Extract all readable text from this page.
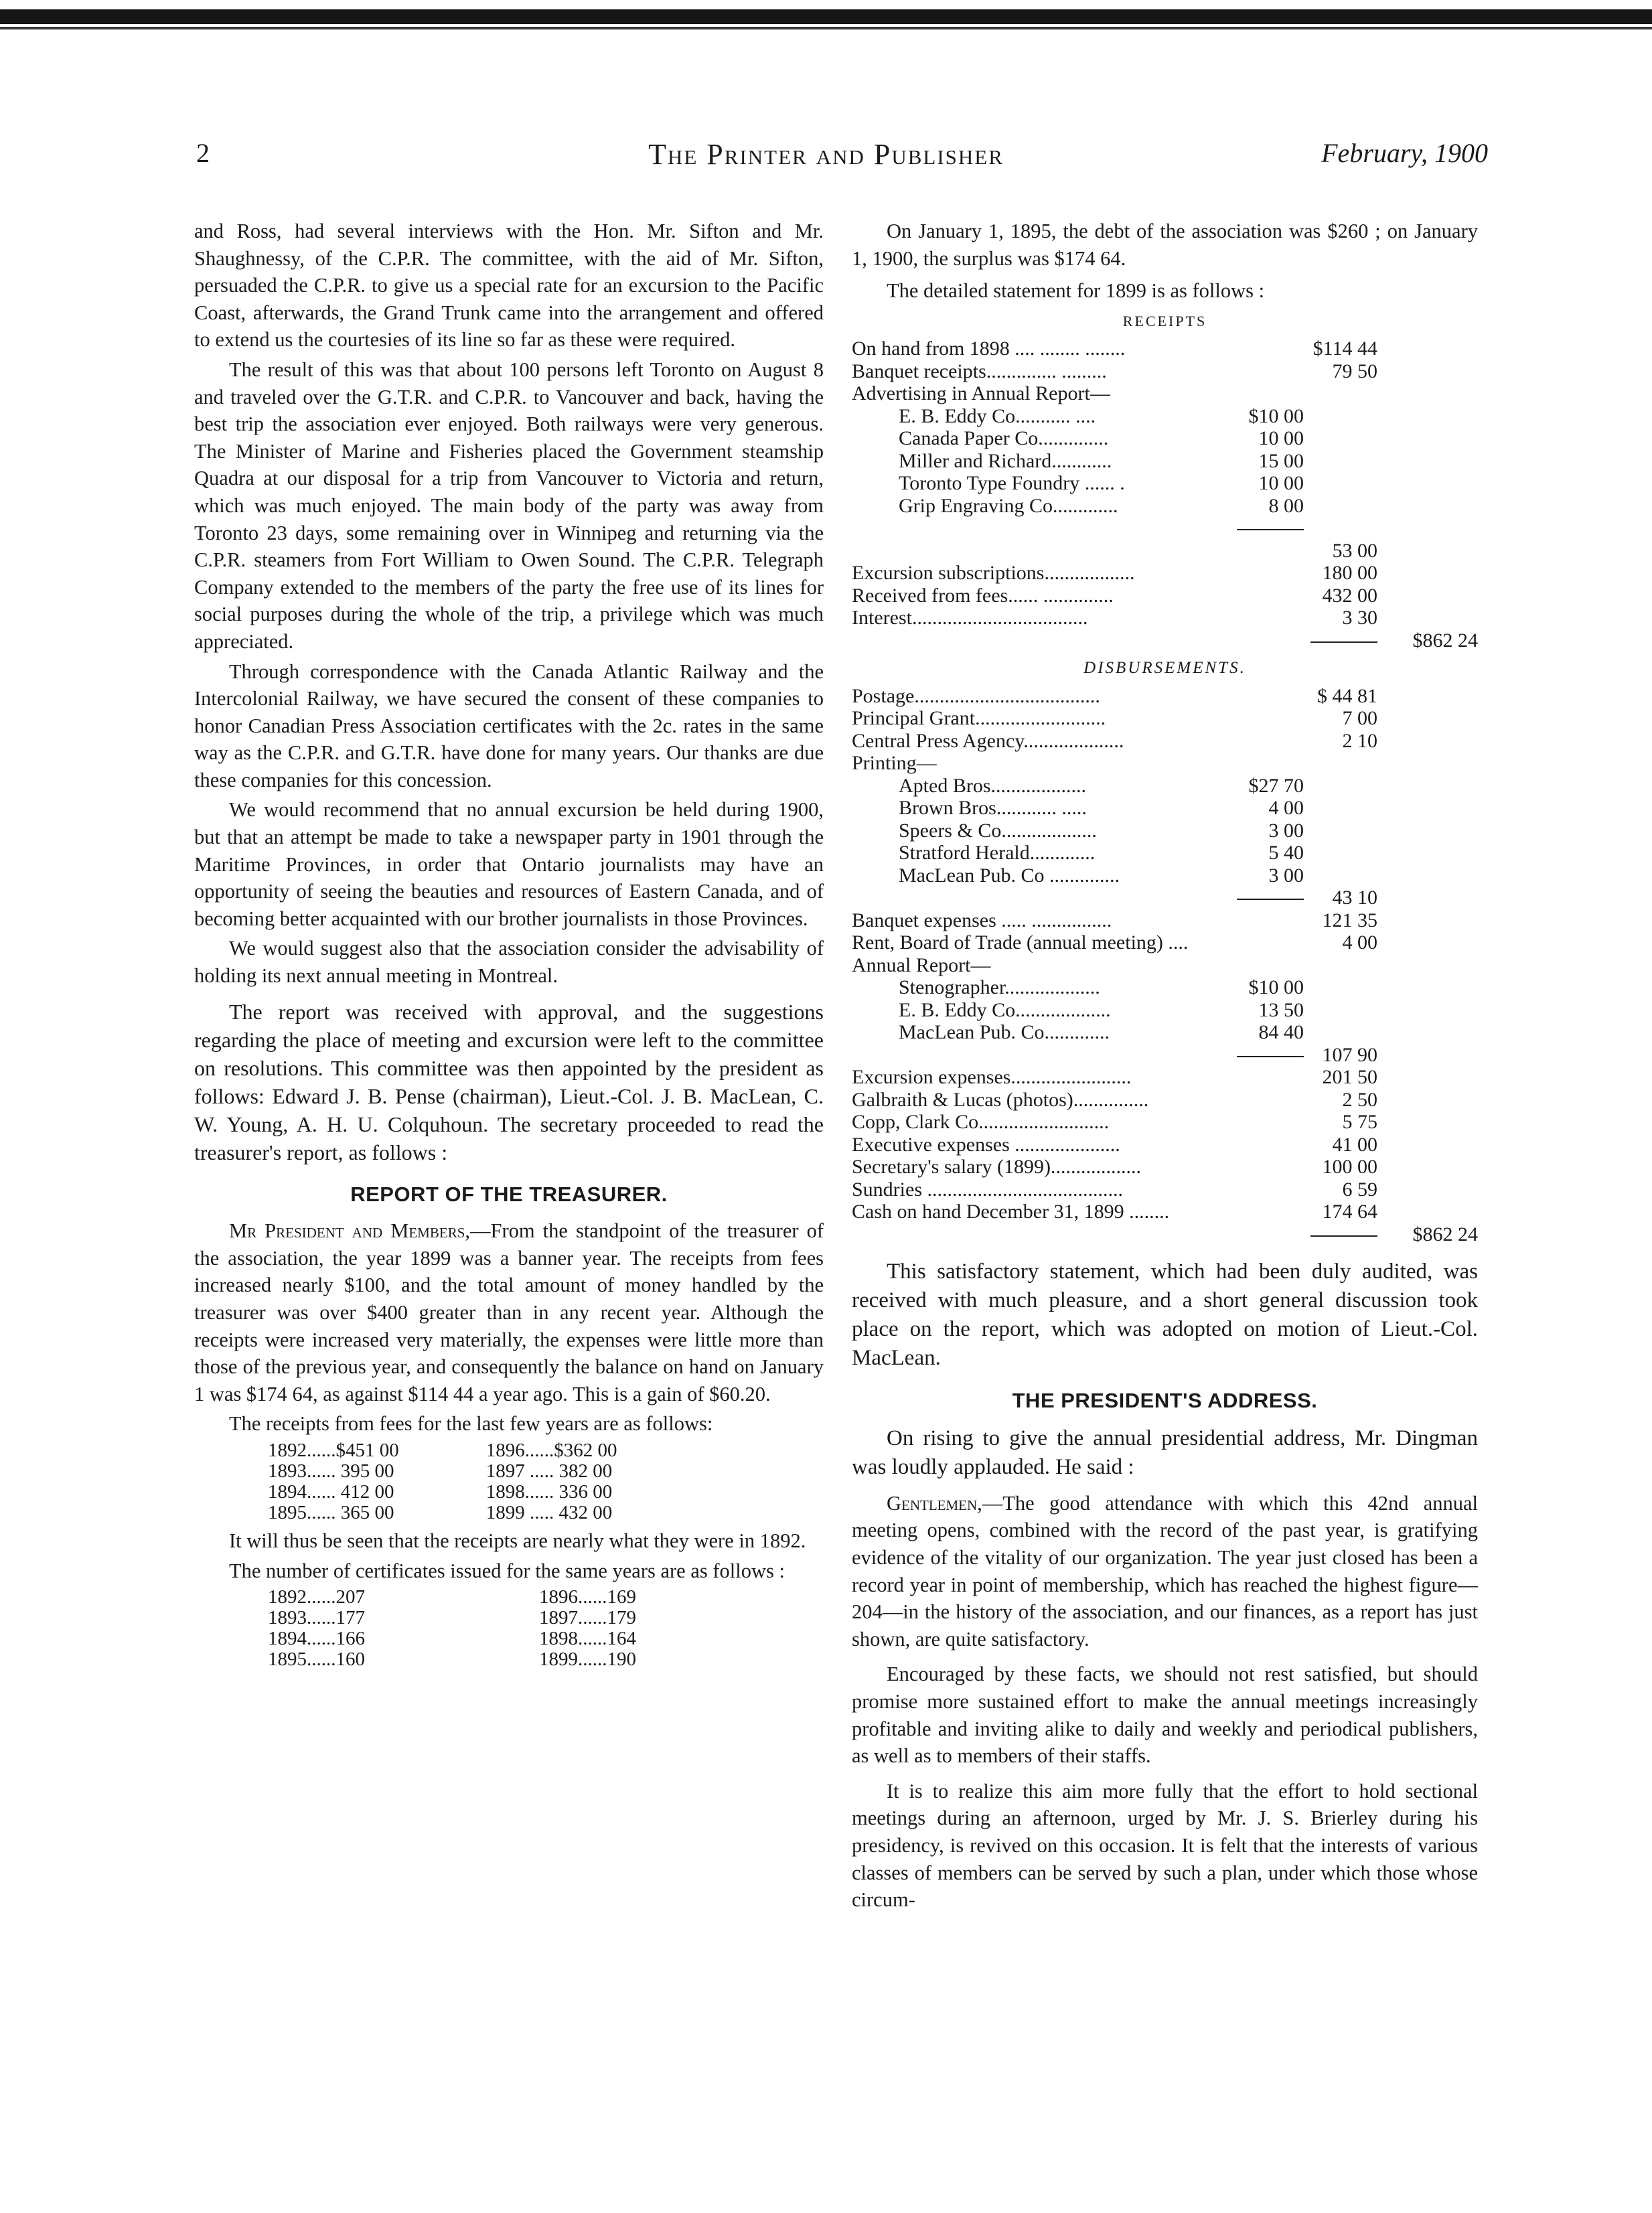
2	The Printer and Publisher	February, 1900

and Ross, had several interviews with the Hon. Mr. Sifton and Mr. Shaughnessy, of the C.P.R. The committee, with the aid of Mr. Sifton, persuaded the C.P.R. to give us a special rate for an excursion to the Pacific Coast, afterwards, the Grand Trunk came into the arrangement and offered to extend us the courtesies of its line so far as these were required.

The result of this was that about 100 persons left Toronto on August 8 and traveled over the G.T.R. and C.P.R. to Vancouver and back, having the best trip the association ever enjoyed. Both railways were very generous. The Minister of Marine and Fisheries placed the Government steamship Quadra at our disposal for a trip from Vancouver to Victoria and return, which was much enjoyed. The main body of the party was away from Toronto 23 days, some remaining over in Winnipeg and returning via the C.P.R. steamers from Fort William to Owen Sound. The C.P.R. Telegraph Company extended to the members of the party the free use of its lines for social purposes during the whole of the trip, a privilege which was much appreciated.

Through correspondence with the Canada Atlantic Railway and the Intercolonial Railway, we have secured the consent of these companies to honor Canadian Press Association certificates with the 2c. rates in the same way as the C.P.R. and G.T.R. have done for many years. Our thanks are due these companies for this concession.

We would recommend that no annual excursion be held during 1900, but that an attempt be made to take a newspaper party in 1901 through the Maritime Provinces, in order that Ontario journalists may have an opportunity of seeing the beauties and resources of Eastern Canada, and of becoming better acquainted with our brother journalists in those Provinces.

We would suggest also that the association consider the advisability of holding its next annual meeting in Montreal.

The report was received with approval, and the suggestions regarding the place of meeting and excursion were left to the committee on resolutions. This committee was then appointed by the president as follows: Edward J. B. Pense (chairman), Lieut.-Col. J. B. MacLean, C. W. Young, A. H. U. Colquhoun. The secretary proceeded to read the treasurer's report, as follows :

REPORT OF THE TREASURER.

Mr President and Members,—From the standpoint of the treasurer of the association, the year 1899 was a banner year. The receipts from fees increased nearly $100, and the total amount of money handled by the treasurer was over $400 greater than in any recent year. Although the receipts were increased very materially, the expenses were little more than those of the previous year, and consequently the balance on hand on January 1 was $174 64, as against $114 44 a year ago. This is a gain of $60.20.

The receipts from fees for the last few years are as follows:

1892......$451 00		1896......$362 00
1893...... 395 00		1897 ..... 382 00
1894...... 412 00		1898...... 336 00
1895...... 365 00		1899 ..... 432 00

It will thus be seen that the receipts are nearly what they were in 1892.

The number of certificates issued for the same years are as follows :

1892......207		1896......169
1893......177		1897......179
1894......166		1898......164
1895......160		1899......190

On January 1, 1895, the debt of the association was $260 ; on January 1, 1900, the surplus was $174 64.

The detailed statement for 1899 is as follows :

RECEIPTS
On hand from 1898 .... ........ ........	$114 44
Banquet receipts.............. .........	79 50
Advertising in Annual Report—
E. B. Eddy Co........... ....	$10 00
Canada Paper Co..............	10 00
Miller and Richard............	15 00
Toronto Type Foundry ...... .	10 00
Grip Engraving Co.............	8 00
53 00
Excursion subscriptions..................	180 00
Received from fees...... ..............	432 00
Interest...................................	3 30
$862 24
DISBURSEMENTS.
Postage.....................................	$ 44 81
Principal Grant..........................	7 00
Central Press Agency....................	2 10
Printing—
Apted Bros...................	$27 70
Brown Bros............ .....	4 00
Speers & Co...................	3 00
Stratford Herald.............	5 40
MacLean Pub. Co ..............	3 00
43 10
Banquet expenses ..... ................	121 35
Rent, Board of Trade (annual meeting) ....	4 00
Annual Report—
Stenographer...................	$10 00
E. B. Eddy Co...................	13 50
MacLean Pub. Co.............	84 40
107 90
Excursion expenses........................	201 50
Galbraith & Lucas (photos)...............	2 50
Copp, Clark Co..........................	5 75
Executive expenses .....................	41 00
Secretary's salary (1899)..................	100 00
Sundries .......................................	6 59
Cash on hand December 31, 1899 ........	174 64
$862 24

This satisfactory statement, which had been duly audited, was received with much pleasure, and a short general discussion took place on the report, which was adopted on motion of Lieut.-Col. MacLean.

THE PRESIDENT'S ADDRESS.

On rising to give the annual presidential address, Mr. Dingman was loudly applauded. He said :

Gentlemen,—The good attendance with which this 42nd annual meeting opens, combined with the record of the past year, is gratifying evidence of the vitality of our organization. The year just closed has been a record year in point of membership, which has reached the highest figure—204—in the history of the association, and our finances, as a report has just shown, are quite satisfactory.

Encouraged by these facts, we should not rest satisfied, but should promise more sustained effort to make the annual meetings increasingly profitable and inviting alike to daily and weekly and periodical publishers, as well as to members of their staffs.

It is to realize this aim more fully that the effort to hold sectional meetings during an afternoon, urged by Mr. J. S. Brierley during his presidency, is revived on this occasion. It is felt that the interests of various classes of members can be served by such a plan, under which those whose circum-
